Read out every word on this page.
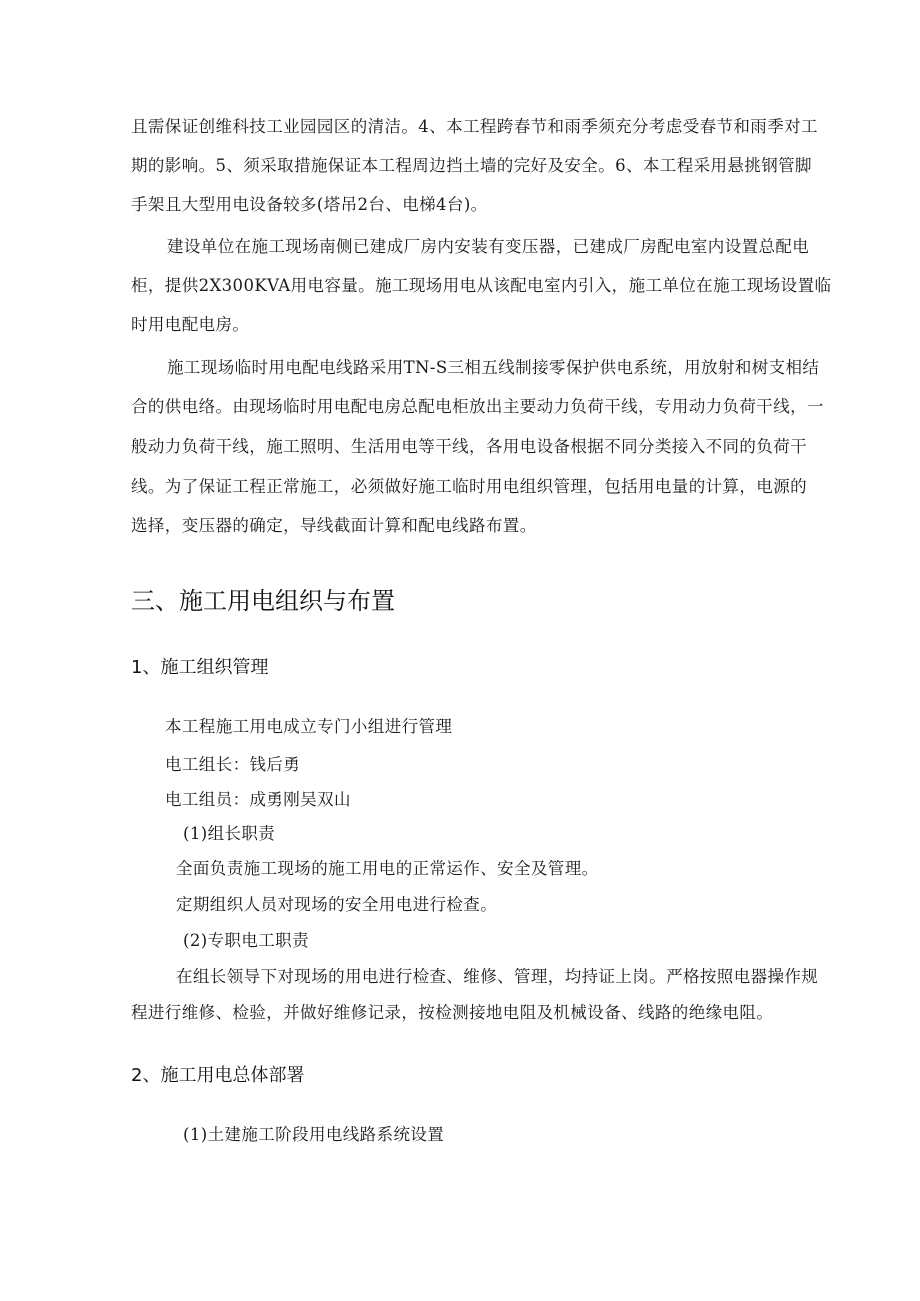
且需保证创维科技工业园园区的清洁。4、本工程跨春节和雨季须充分考虑受春节和雨季对工
期的影响。5、须采取措施保证本工程周边挡土墙的完好及安全。6、本工程采用悬挑钢管脚
手架且大型用电设备较多(塔吊2台、电梯4台)。
建设单位在施工现场南侧已建成厂房内安装有变压器，已建成厂房配电室内设置总配电
柜，提供2X300KVA用电容量。施工现场用电从该配电室内引入，施工单位在施工现场设置临
时用电配电房。
施工现场临时用电配电线路采用TN-S三相五线制接零保护供电系统，用放射和树支相结
合的供电络。由现场临时用电配电房总配电柜放出主要动力负荷干线，专用动力负荷干线，一
般动力负荷干线，施工照明、生活用电等干线，各用电设备根据不同分类接入不同的负荷干
线。为了保证工程正常施工，必须做好施工临时用电组织管理，包括用电量的计算，电源的
选择，变压器的确定，导线截面计算和配电线路布置。
三、施工用电组织与布置
1、施工组织管理
本工程施工用电成立专门小组进行管理
电工组长：钱后勇
电工组员：成勇刚吴双山
(1)组长职责
全面负责施工现场的施工用电的正常运作、安全及管理。
定期组织人员对现场的安全用电进行检查。
(2)专职电工职责
在组长领导下对现场的用电进行检查、维修、管理，均持证上岗。严格按照电器操作规
程进行维修、检验，并做好维修记录，按检测接地电阻及机械设备、线路的绝缘电阻。
2、施工用电总体部署
(1)土建施工阶段用电线路系统设置
